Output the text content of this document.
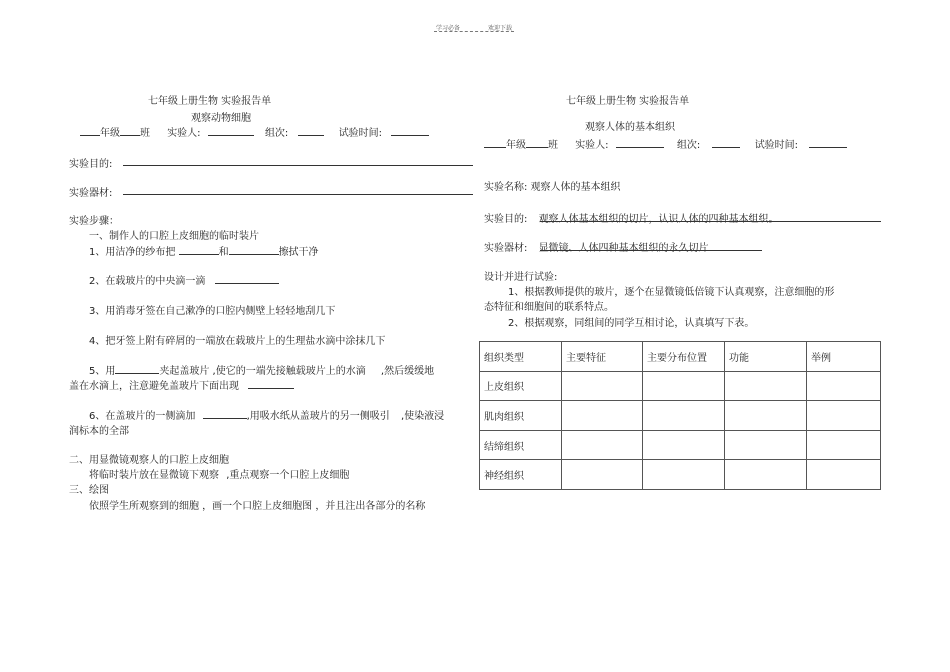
学习必备	欢迎下载
七年级上册生物 实验报告单
观察动物细胞
年级 班 实验人:	组次:	试验时间:
实验目的:
实验器材:
实验步骤：
一、制作人的口腔上皮细胞的临时装片
1、用洁净的纱布把	和	擦拭干净
2、在载玻片的中央滴一滴
3、用消毒牙签在自己漱净的口腔内侧壁上轻轻地刮几下
4、把牙签上附有碎屑的一端放在载玻片上的生理盐水滴中涂抹几下
5、用	夹起盖玻片 ,使它的一端先接触载玻片上的水滴 ,然后缓缓地
盖在水滴上，注意避免盖玻片下面出现
6、在盖玻片的一侧滴加	,用吸水纸从盖玻片的另一侧吸引 ,使染液浸
润标本的全部
二、用显微镜观察人的口腔上皮细胞
将临时装片放在显微镜下观察 ,重点观察一个口腔上皮细胞
三、绘图
依照学生所观察到的细胞 ，画一个口腔上皮细胞图 ，并且注出各部分的名称
七年级上册生物 实验报告单
观察人体的基本组织
年级 班 实验人:	组次:	试验时间:
实验名称: 观察人体的基本组织
实验目的: 观察人体基本组织的切片，认识人体的四种基本组织。
实验器材: 显微镜、人体四种基本组织的永久切片
设计并进行试验:
1、根据教师提供的玻片，逐个在显微镜低倍镜下认真观察，注意细胞的形
态特征和细胞间的联系特点。
2、根据观察，同组间的同学互相讨论，认真填写下表。
组织类型	主要特征	主要分布位置	功能	举例
上皮组织				
肌肉组织				
结缔组织				
神经组织				
